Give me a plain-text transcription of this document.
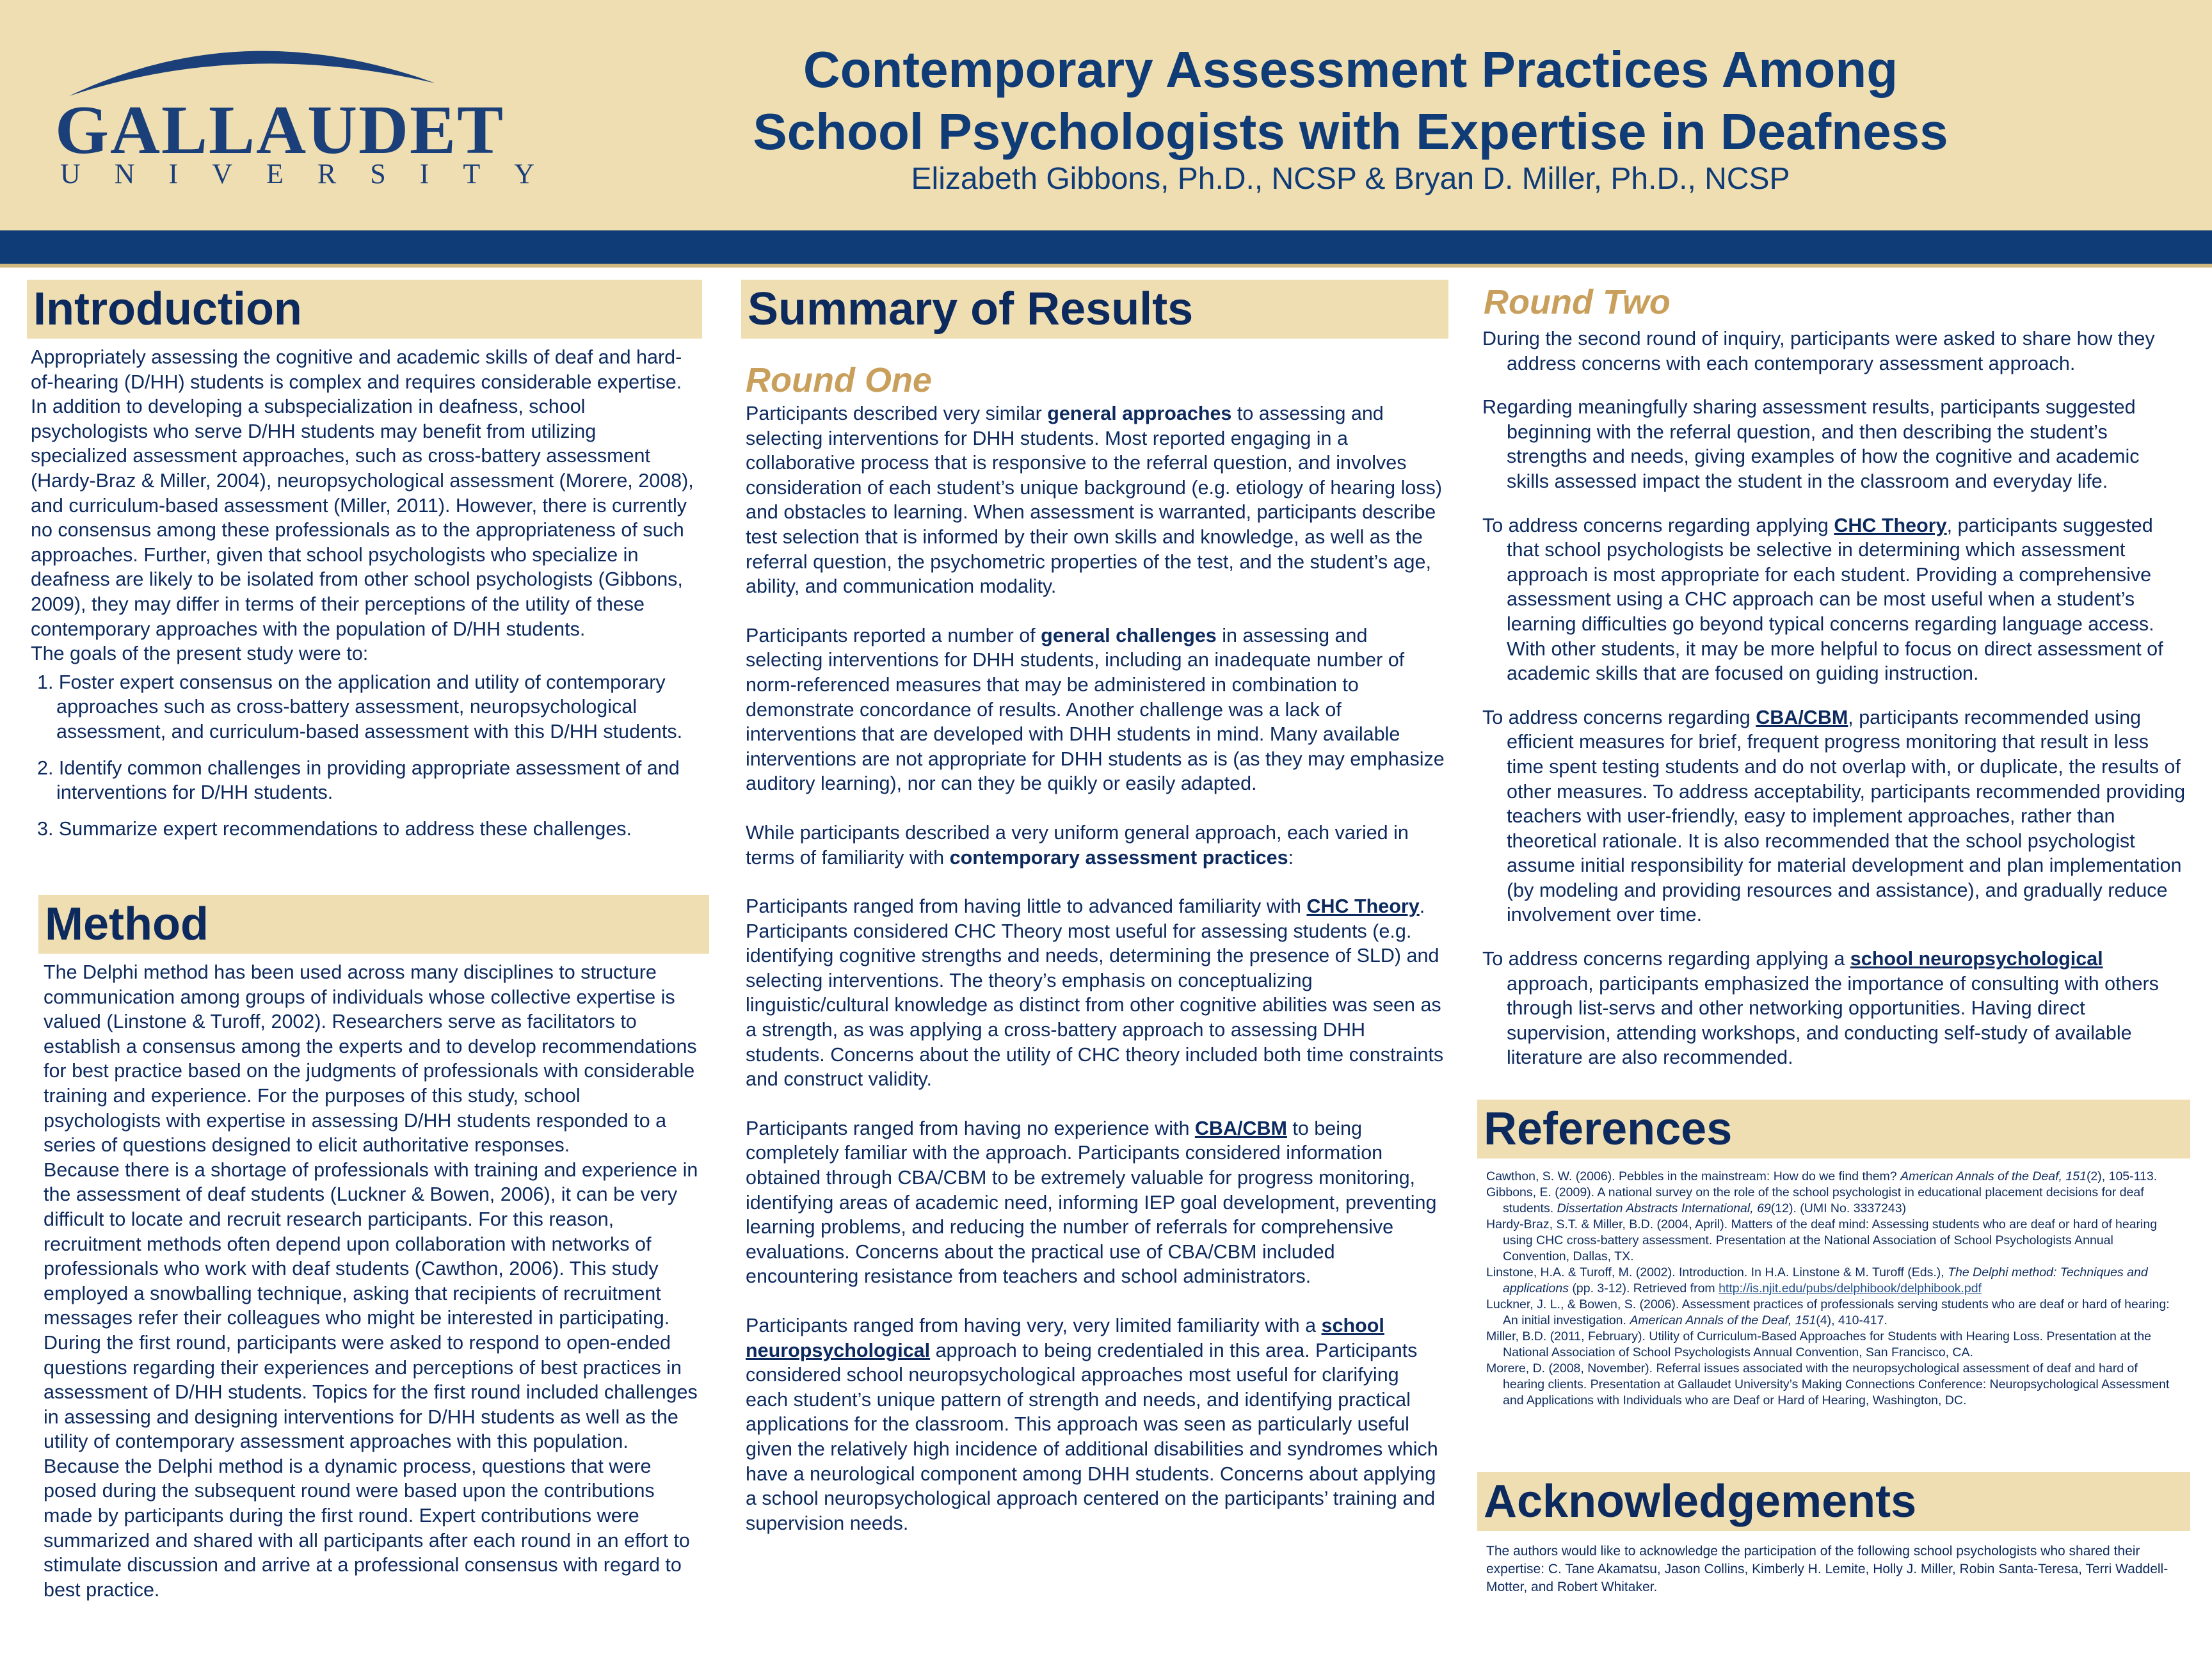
GALLAUDET
UNIVERSITY
Contemporary Assessment Practices Among
School Psychologists with Expertise in Deafness
Elizabeth Gibbons, Ph.D., NCSP & Bryan D. Miller, Ph.D., NCSP
Introduction

Appropriately assessing the cognitive and academic skills of deaf and hard-of-hearing (D/HH) students is complex and requires considerable expertise. In addition to developing a subspecialization in deafness, school psychologists who serve D/HH students may benefit from utilizing specialized assessment approaches, such as cross-battery assessment (Hardy-Braz & Miller, 2004), neuropsychological assessment (Morere, 2008), and curriculum-based assessment (Miller, 2011). However, there is currently no consensus among these professionals as to the appropriateness of such approaches. Further, given that school psychologists who specialize in deafness are likely to be isolated from other school psychologists (Gibbons, 2009), they may differ in terms of their perceptions of the utility of these contemporary approaches with the population of D/HH students.

The goals of the present study were to:

1. Foster expert consensus on the application and utility of contemporary approaches such as cross-battery assessment, neuropsychological assessment, and curriculum-based assessment with this D/HH students.

2. Identify common challenges in providing appropriate assessment of and interventions for D/HH students.

3. Summarize expert recommendations to address these challenges.

Method

The Delphi method has been used across many disciplines to structure communication among groups of individuals whose collective expertise is valued (Linstone & Turoff, 2002). Researchers serve as facilitators to establish a consensus among the experts and to develop recommendations for best practice based on the judgments of professionals with considerable training and experience. For the purposes of this study, school psychologists with expertise in assessing D/HH students responded to a series of questions designed to elicit authoritative responses.

Because there is a shortage of professionals with training and experience in the assessment of deaf students (Luckner & Bowen, 2006), it can be very difficult to locate and recruit research participants. For this reason, recruitment methods often depend upon collaboration with networks of professionals who work with deaf students (Cawthon, 2006). This study employed a snowballing technique, asking that recipients of recruitment messages refer their colleagues who might be interested in participating.

During the first round, participants were asked to respond to open-ended questions regarding their experiences and perceptions of best practices in assessment of D/HH students. Topics for the first round included challenges in assessing and designing interventions for D/HH students as well as the utility of contemporary assessment approaches with this population. Because the Delphi method is a dynamic process, questions that were posed during the subsequent round were based upon the contributions made by participants during the first round. Expert contributions were summarized and shared with all participants after each round in an effort to stimulate discussion and arrive at a professional consensus with regard to best practice.

Summary of Results
Round One

Participants described very similar general approaches to assessing and selecting interventions for DHH students. Most reported engaging in a collaborative process that is responsive to the referral question, and involves consideration of each student’s unique background (e.g. etiology of hearing loss) and obstacles to learning. When assessment is warranted, participants describe test selection that is informed by their own skills and knowledge, as well as the referral question, the psychometric properties of the test, and the student’s age, ability, and communication modality.

Participants reported a number of general challenges in assessing and selecting interventions for DHH students, including an inadequate number of norm-referenced measures that may be administered in combination to demonstrate concordance of results. Another challenge was a lack of interventions that are developed with DHH students in mind. Many available interventions are not appropriate for DHH students as is (as they may emphasize auditory learning), nor can they be quikly or easily adapted.

While participants described a very uniform general approach, each varied in terms of familiarity with contemporary assessment practices:

Participants ranged from having little to advanced familiarity with CHC Theory. Participants considered CHC Theory most useful for assessing students (e.g. identifying cognitive strengths and needs, determining the presence of SLD) and selecting interventions. The theory’s emphasis on conceptualizing linguistic/cultural knowledge as distinct from other cognitive abilities was seen as a strength, as was applying a cross-battery approach to assessing DHH students. Concerns about the utility of CHC theory included both time constraints and construct validity.

Participants ranged from having no experience with CBA/CBM to being completely familiar with the approach. Participants considered information obtained through CBA/CBM to be extremely valuable for progress monitoring, identifying areas of academic need, informing IEP goal development, preventing learning problems, and reducing the number of referrals for comprehensive evaluations. Concerns about the practical use of CBA/CBM included encountering resistance from teachers and school administrators.

Participants ranged from having very, very limited familiarity with a school neuropsychological approach to being credentialed in this area. Participants considered school neuropsychological approaches most useful for clarifying each student’s unique pattern of strength and needs, and identifying practical applications for the classroom. This approach was seen as particularly useful given the relatively high incidence of additional disabilities and syndromes which have a neurological component among DHH students. Concerns about applying a school neuropsychological approach centered on the participants’ training and supervision needs.

Round Two

During the second round of inquiry, participants were asked to share how they address concerns with each contemporary assessment approach.

Regarding meaningfully sharing assessment results, participants suggested beginning with the referral question, and then describing the student’s strengths and needs, giving examples of how the cognitive and academic skills assessed impact the student in the classroom and everyday life.

To address concerns regarding applying CHC Theory, participants suggested that school psychologists be selective in determining which assessment approach is most appropriate for each student. Providing a comprehensive assessment using a CHC approach can be most useful when a student’s learning difficulties go beyond typical concerns regarding language access. With other students, it may be more helpful to focus on direct assessment of academic skills that are focused on guiding instruction.

To address concerns regarding CBA/CBM, participants recommended using efficient measures for brief, frequent progress monitoring that result in less time spent testing students and do not overlap with, or duplicate, the results of other measures. To address acceptability, participants recommended providing teachers with user-friendly, easy to implement approaches, rather than theoretical rationale. It is also recommended that the school psychologist assume initial responsibility for material development and plan implementation (by modeling and providing resources and assistance), and gradually reduce involvement over time.

To address concerns regarding applying a school neuropsychological approach, participants emphasized the importance of consulting with others through list-servs and other networking opportunities. Having direct supervision, attending workshops, and conducting self-study of available literature are also recommended.

References

Cawthon, S. W. (2006). Pebbles in the mainstream: How do we find them? American Annals of the Deaf, 151(2), 105-113.

Gibbons, E. (2009). A national survey on the role of the school psychologist in educational placement decisions for deaf students. Dissertation Abstracts International, 69(12). (UMI No. 3337243)

Hardy-Braz, S.T. & Miller, B.D. (2004, April). Matters of the deaf mind: Assessing students who are deaf or hard of hearing using CHC cross-battery assessment. Presentation at the National Association of School Psychologists Annual Convention, Dallas, TX.

Linstone, H.A. & Turoff, M. (2002). Introduction. In H.A. Linstone & M. Turoff (Eds.), The Delphi method: Techniques and applications (pp. 3-12). Retrieved from http://is.njit.edu/pubs/delphibook/delphibook.pdf

Luckner, J. L., & Bowen, S. (2006). Assessment practices of professionals serving students who are deaf or hard of hearing: An initial investigation. American Annals of the Deaf, 151(4), 410-417.

Miller, B.D. (2011, February). Utility of Curriculum-Based Approaches for Students with Hearing Loss. Presentation at the National Association of School Psychologists Annual Convention, San Francisco, CA.

Morere, D. (2008, November). Referral issues associated with the neuropsychological assessment of deaf and hard of hearing clients. Presentation at Gallaudet University’s Making Connections Conference: Neuropsychological Assessment and Applications with Individuals who are Deaf or Hard of Hearing, Washington, DC.

Acknowledgements
The authors would like to acknowledge the participation of the following school psychologists who shared their expertise: C. Tane Akamatsu, Jason Collins, Kimberly H. Lemite, Holly J. Miller, Robin Santa-Teresa, Terri Waddell-Motter, and Robert Whitaker.
